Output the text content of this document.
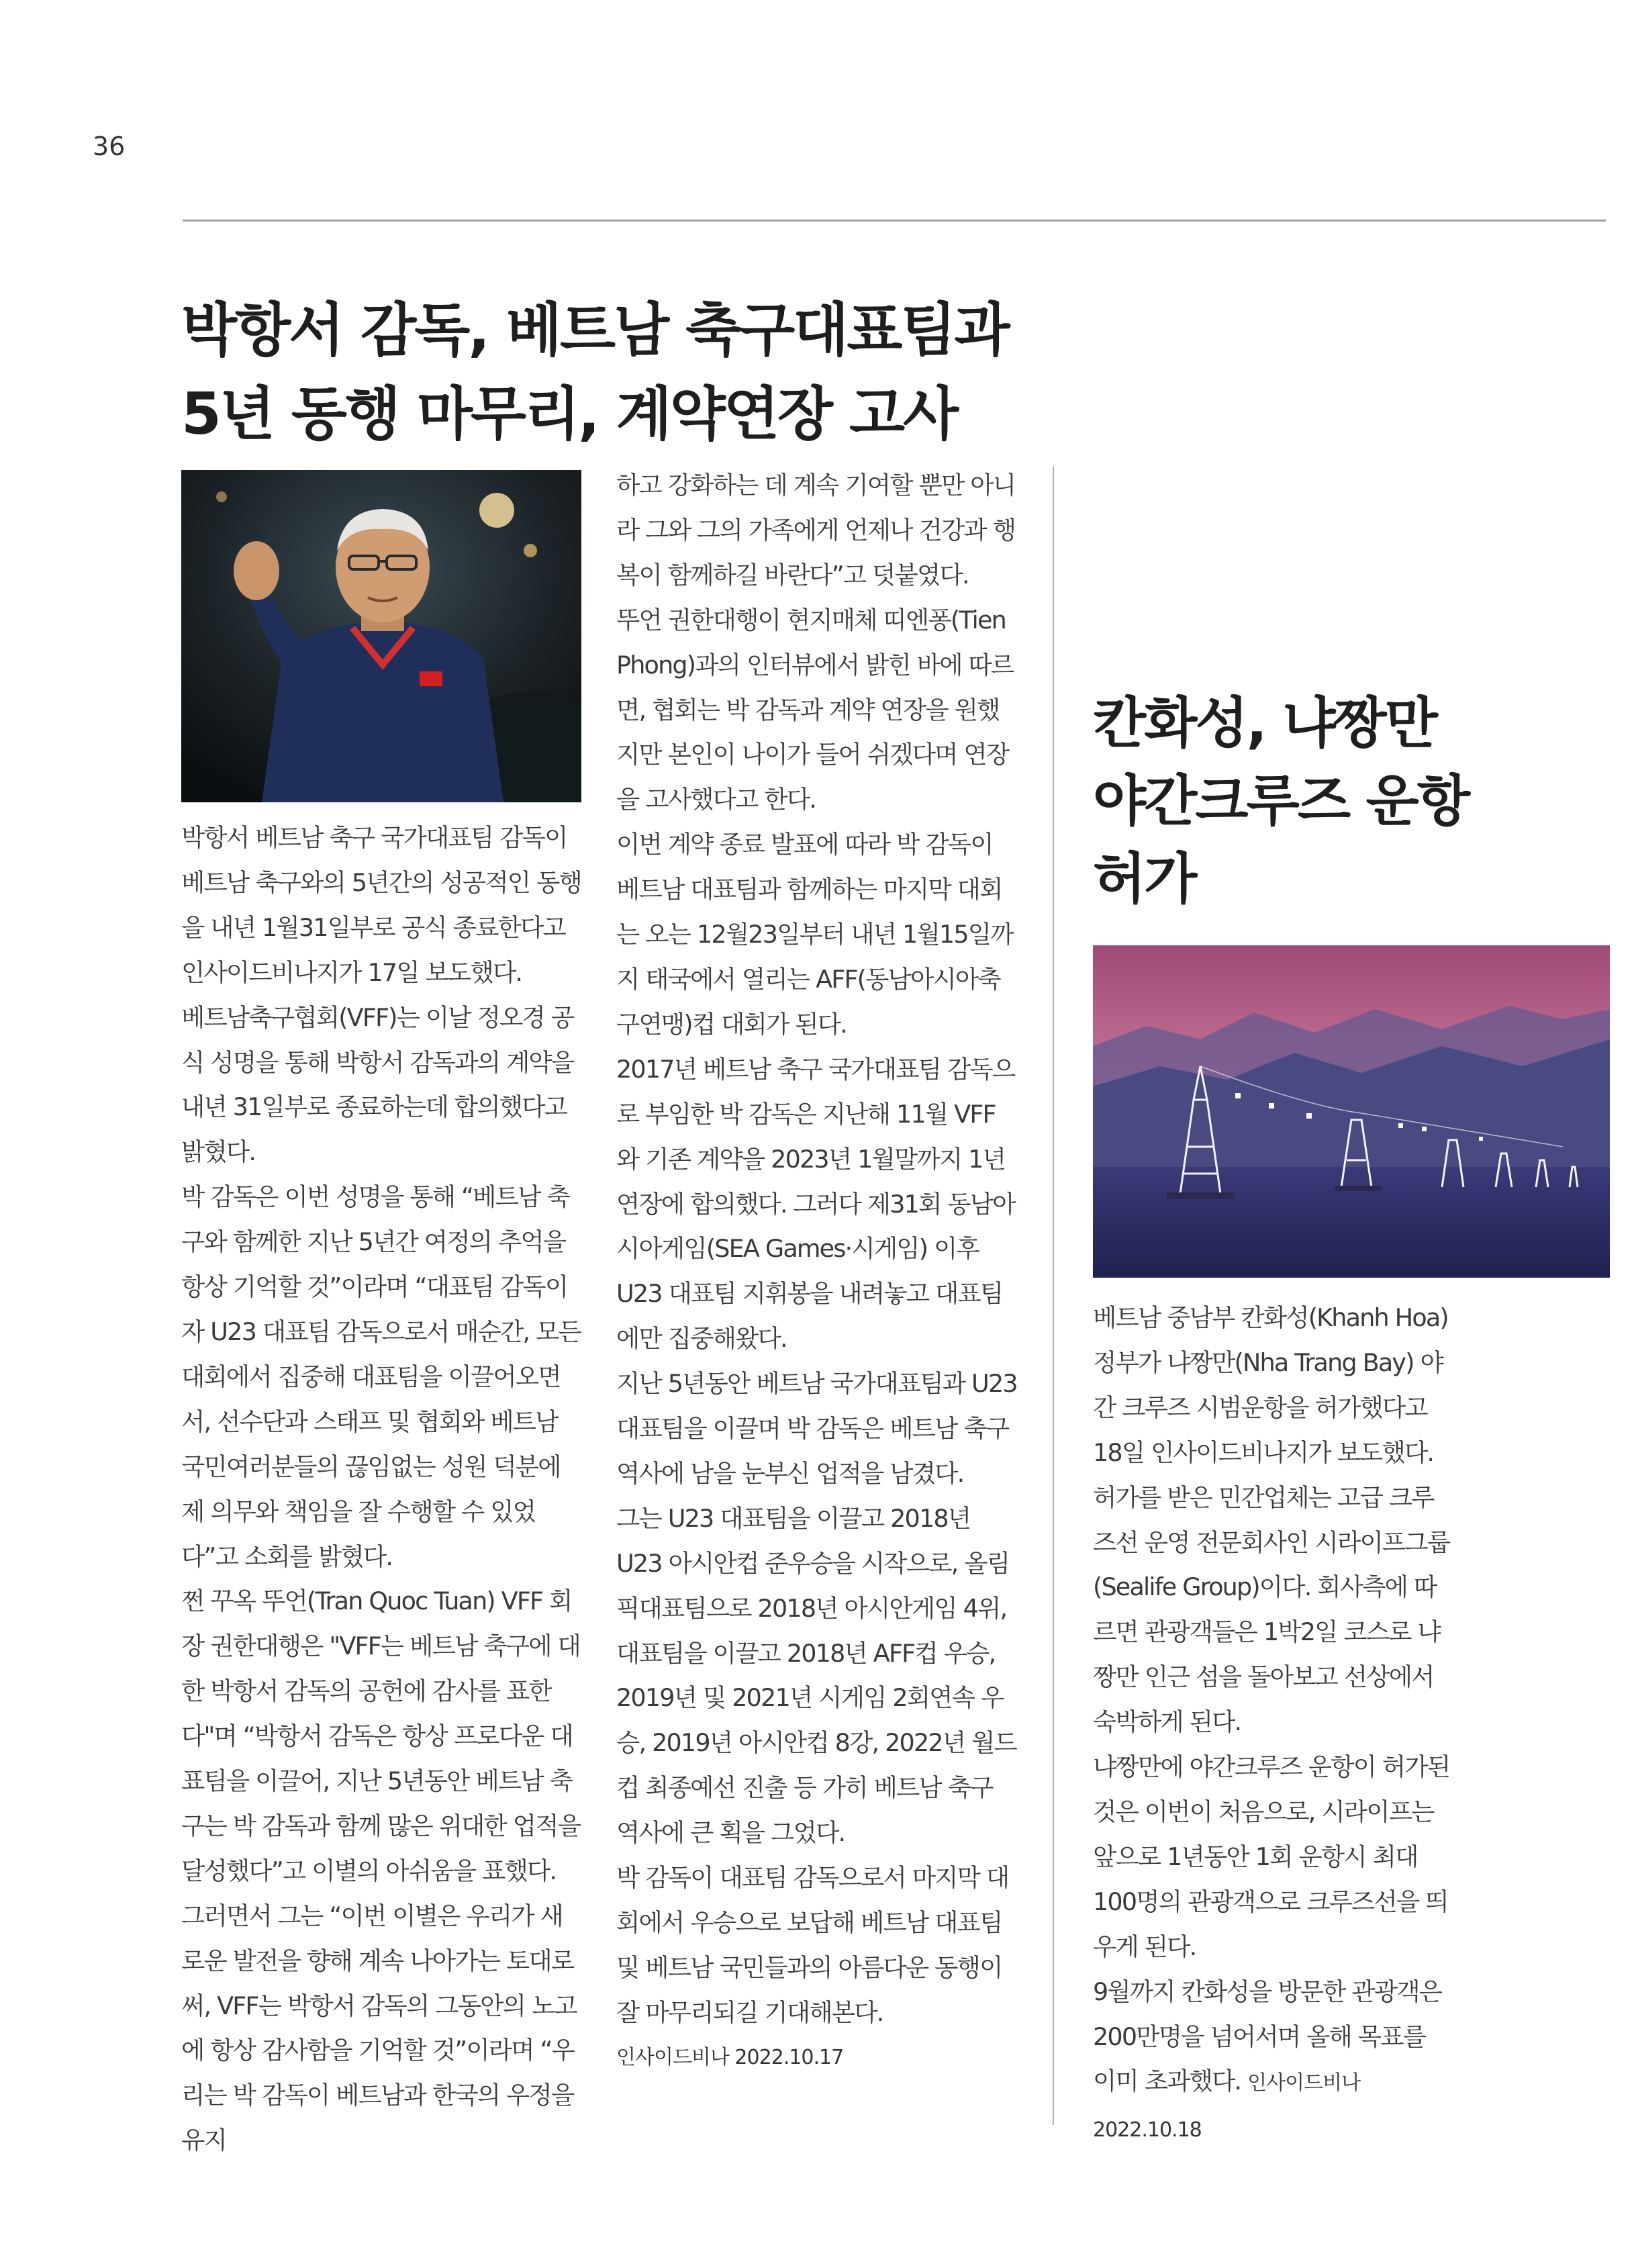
36
박항서 감독, 베트남 축구대표팀과
5년 동행 마무리, 계약연장 고사

박항서 베트남 축구 국가대표팀 감독이 베트남 축구와의 5년간의 성공적인 동행을 내년 1월31일부로 공식 종료한다고 인사이드비나지가 17일 보도했다.

베트남축구협회(VFF)는 이날 정오경 공식 성명을 통해 박항서 감독과의 계약을 내년 31일부로 종료하는데 합의했다고 밝혔다.

박 감독은 이번 성명을 통해 “베트남 축구와 함께한 지난 5년간 여정의 추억을 항상 기억할 것”이라며 “대표팀 감독이자 U23 대표팀 감독으로서 매순간, 모든 대회에서 집중해 대표팀을 이끌어오면서, 선수단과 스태프 및 협회와 베트남 국민여러분들의 끊임없는 성원 덕분에 제 의무와 책임을 잘 수행할 수 있었다”고 소회를 밝혔다.

쩐 꾸옥 뚜언(Tran Quoc Tuan) VFF 회장 권한대행은 "VFF는 베트남 축구에 대한 박항서 감독의 공헌에 감사를 표한다"며 “박항서 감독은 항상 프로다운 대표팀을 이끌어, 지난 5년동안 베트남 축구는 박 감독과 함께 많은 위대한 업적을 달성했다”고 이별의 아쉬움을 표했다.

그러면서 그는 “이번 이별은 우리가 새로운 발전을 향해 계속 나아가는 토대로써, VFF는 박항서 감독의 그동안의 노고에 항상 감사함을 기억할 것”이라며 “우리는 박 감독이 베트남과 한국의 우정을 유지

하고 강화하는 데 계속 기여할 뿐만 아니라 그와 그의 가족에게 언제나 건강과 행복이 함께하길 바란다”고 덧붙였다.

뚜언 권한대행이 현지매체 띠엔퐁(Tien Phong)과의 인터뷰에서 밝힌 바에 따르면, 협회는 박 감독과 계약 연장을 원했지만 본인이 나이가 들어 쉬겠다며 연장을 고사했다고 한다.

이번 계약 종료 발표에 따라 박 감독이 베트남 대표팀과 함께하는 마지막 대회는 오는 12월23일부터 내년 1월15일까지 태국에서 열리는 AFF(동남아시아축구연맹)컵 대회가 된다.

2017년 베트남 축구 국가대표팀 감독으로 부임한 박 감독은 지난해 11월 VFF와 기존 계약을 2023년 1월말까지 1년 연장에 합의했다. 그러다 제31회 동남아시아게임(SEA Games·시게임) 이후 U23 대표팀 지휘봉을 내려놓고 대표팀에만 집중해왔다.

지난 5년동안 베트남 국가대표팀과 U23 대표팀을 이끌며 박 감독은 베트남 축구역사에 남을 눈부신 업적을 남겼다.

그는 U23 대표팀을 이끌고 2018년 U23 아시안컵 준우승을 시작으로, 올림픽대표팀으로 2018년 아시안게임 4위, 대표팀을 이끌고 2018년 AFF컵 우승, 2019년 및 2021년 시게임 2회연속 우승, 2019년 아시안컵 8강, 2022년 월드컵 최종예선 진출 등 가히 베트남 축구 역사에 큰 획을 그었다.

박 감독이 대표팀 감독으로서 마지막 대회에서 우승으로 보답해 베트남 대표팀 및 베트남 국민들과의 아름다운 동행이 잘 마무리되길 기대해본다.

인사이드비나 2022.10.17

칸화성, 냐짱만
야간크루즈 운항
허가

베트남 중남부 칸화성(Khanh Hoa) 정부가 냐짱만(Nha Trang Bay) 야간 크루즈 시범운항을 허가했다고 18일 인사이드비나지가 보도했다.

허가를 받은 민간업체는 고급 크루즈선 운영 전문회사인 시라이프그룹(Sealife Group)이다. 회사측에 따르면 관광객들은 1박2일 코스로 냐짱만 인근 섬을 돌아보고 선상에서 숙박하게 된다.

냐짱만에 야간크루즈 운항이 허가된 것은 이번이 처음으로, 시라이프는 앞으로 1년동안 1회 운항시 최대 100명의 관광객으로 크루즈선을 띄우게 된다.

9월까지 칸화성을 방문한 관광객은 200만명을 넘어서며 올해 목표를 이미 초과했다. 인사이드비나 2022.10.18
